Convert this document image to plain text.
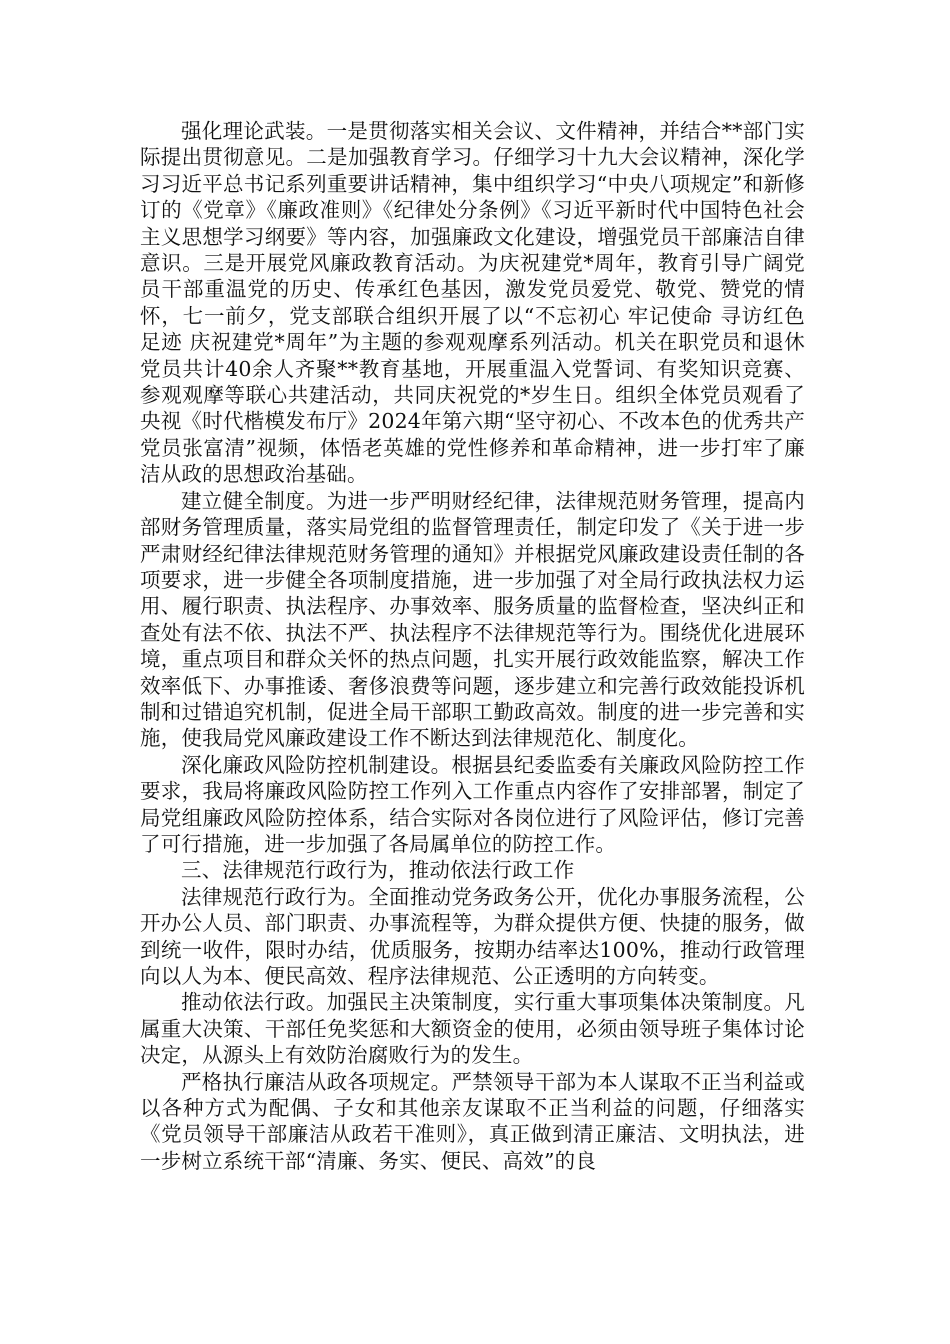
强化理论武装。一是贯彻落实相关会议、文件精神，并结合**部门实际提出贯彻意见。二是加强教育学习。仔细学习十九大会议精神，深化学习习近平总书记系列重要讲话精神，集中组织学习“中央八项规定”和新修订的《党章》《廉政准则》《纪律处分条例》《习近平新时代中国特色社会主义思想学习纲要》等内容，加强廉政文化建设，增强党员干部廉洁自律意识。三是开展党风廉政教育活动。为庆祝建党*周年，教育引导广阔党员干部重温党的历史、传承红色基因，激发党员爱党、敬党、赞党的情怀，七一前夕，党支部联合组织开展了以“不忘初心 牢记使命 寻访红色足迹 庆祝建党*周年”为主题的参观观摩系列活动。机关在职党员和退休党员共计40余人齐聚**教育基地，开展重温入党誓词、有奖知识竞赛、参观观摩等联心共建活动，共同庆祝党的*岁生日。组织全体党员观看了央视《时代楷模发布厅》2024年第六期“坚守初心、不改本色的优秀共产党员张富清”视频，体悟老英雄的党性修养和革命精神，进一步打牢了廉洁从政的思想政治基础。

建立健全制度。为进一步严明财经纪律，法律规范财务管理，提高内部财务管理质量，落实局党组的监督管理责任，制定印发了《关于进一步严肃财经纪律法律规范财务管理的通知》并根据党风廉政建设责任制的各项要求，进一步健全各项制度措施，进一步加强了对全局行政执法权力运用、履行职责、执法程序、办事效率、服务质量的监督检查，坚决纠正和查处有法不依、执法不严、执法程序不法律规范等行为。围绕优化进展环境，重点项目和群众关怀的热点问题，扎实开展行政效能监察，解决工作效率低下、办事推诿、奢侈浪费等问题，逐步建立和完善行政效能投诉机制和过错追究机制，促进全局干部职工勤政高效。制度的进一步完善和实施，使我局党风廉政建设工作不断达到法律规范化、制度化。

深化廉政风险防控机制建设。根据县纪委监委有关廉政风险防控工作要求，我局将廉政风险防控工作列入工作重点内容作了安排部署，制定了局党组廉政风险防控体系，结合实际对各岗位进行了风险评估，修订完善了可行措施，进一步加强了各局属单位的防控工作。

三、法律规范行政行为，推动依法行政工作

法律规范行政行为。全面推动党务政务公开，优化办事服务流程，公开办公人员、部门职责、办事流程等，为群众提供方便、快捷的服务，做到统一收件，限时办结，优质服务，按期办结率达100%，推动行政管理向以人为本、便民高效、程序法律规范、公正透明的方向转变。

推动依法行政。加强民主决策制度，实行重大事项集体决策制度。凡属重大决策、干部任免奖惩和大额资金的使用，必须由领导班子集体讨论决定，从源头上有效防治腐败行为的发生。

严格执行廉洁从政各项规定。严禁领导干部为本人谋取不正当利益或以各种方式为配偶、子女和其他亲友谋取不正当利益的问题，仔细落实《党员领导干部廉洁从政若干准则》，真正做到清正廉洁、文明执法，进一步树立系统干部“清廉、务实、便民、高效”的良
